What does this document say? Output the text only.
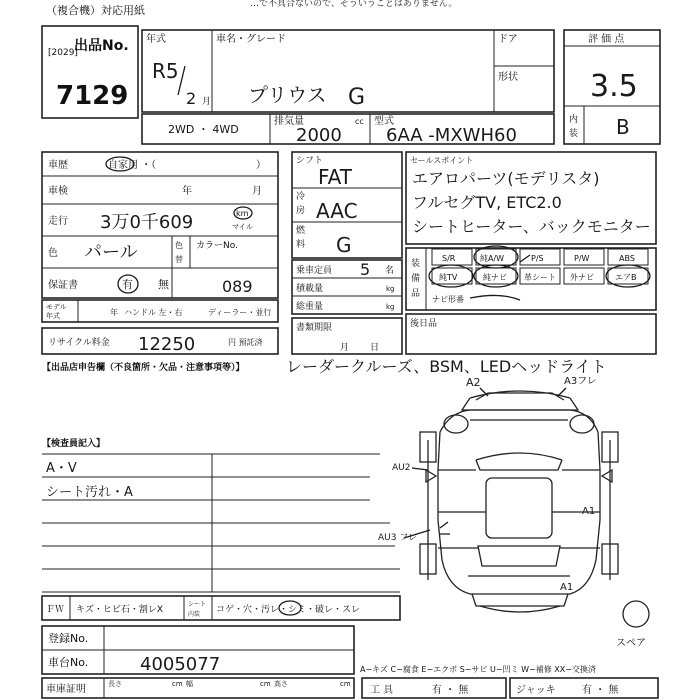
（複合機）対応用紙	…で不具合ないので、そういうことはありません。
出品No.
[2029]
7129
年式
R5
2 月
車名・グレード
プリウス G
ドア
形状
2WD ・ 4WD
排気量
2000
cc 型式
6AA -MXWH60
評 価 点
3.5
内
装 B
車歴	自家用 ・（	）
車検	年	月
走行 3万0千609	km
マイル
色 パール	色
替
カラーNo.
保証書	有 無	089
モデル
年式	年 ハンドル 左・右	ディーラー・並行
リサイクル料金 12250	円 預託済
シフト
FAT
冷
房 AAC
燃
料 G
乗車定員 5 名
積載量	kg
総重量	kg
書類期限
月 日
セールスポイント
エアロパーツ(モデリスタ)
フルセグTV, ETC2.0
シートヒーター、バックモニター
装
備
品
S/R	純A/W	P/S	P/W	ABS
純TV	純ナビ 革シート 外ナビ	エアB
ナビ形番
後日品
【出品店申告欄（不良箇所・欠品・注意事項等）】	レーダークルーズ、BSM、LEDヘッドライト
【検査員記入】
A・V
シート汚れ・A
A2	A3フレ
AU2
AU3 フレ
A1
A1
スペア
ＦＷ キズ・ヒビ石・割レX
シート
内装 コゲ・穴・汚レ・シミ・破レ・スレ
登録No.
車台No.	4005077	A−キズ C−腐食 E−エクボ S−サビ U−凹ミ W−補修 XX−交換済
車庫証明	長さ	cm 幅	cm 高さ	cm
工 具	有 ・ 無	ジャッキ	有 ・ 無
